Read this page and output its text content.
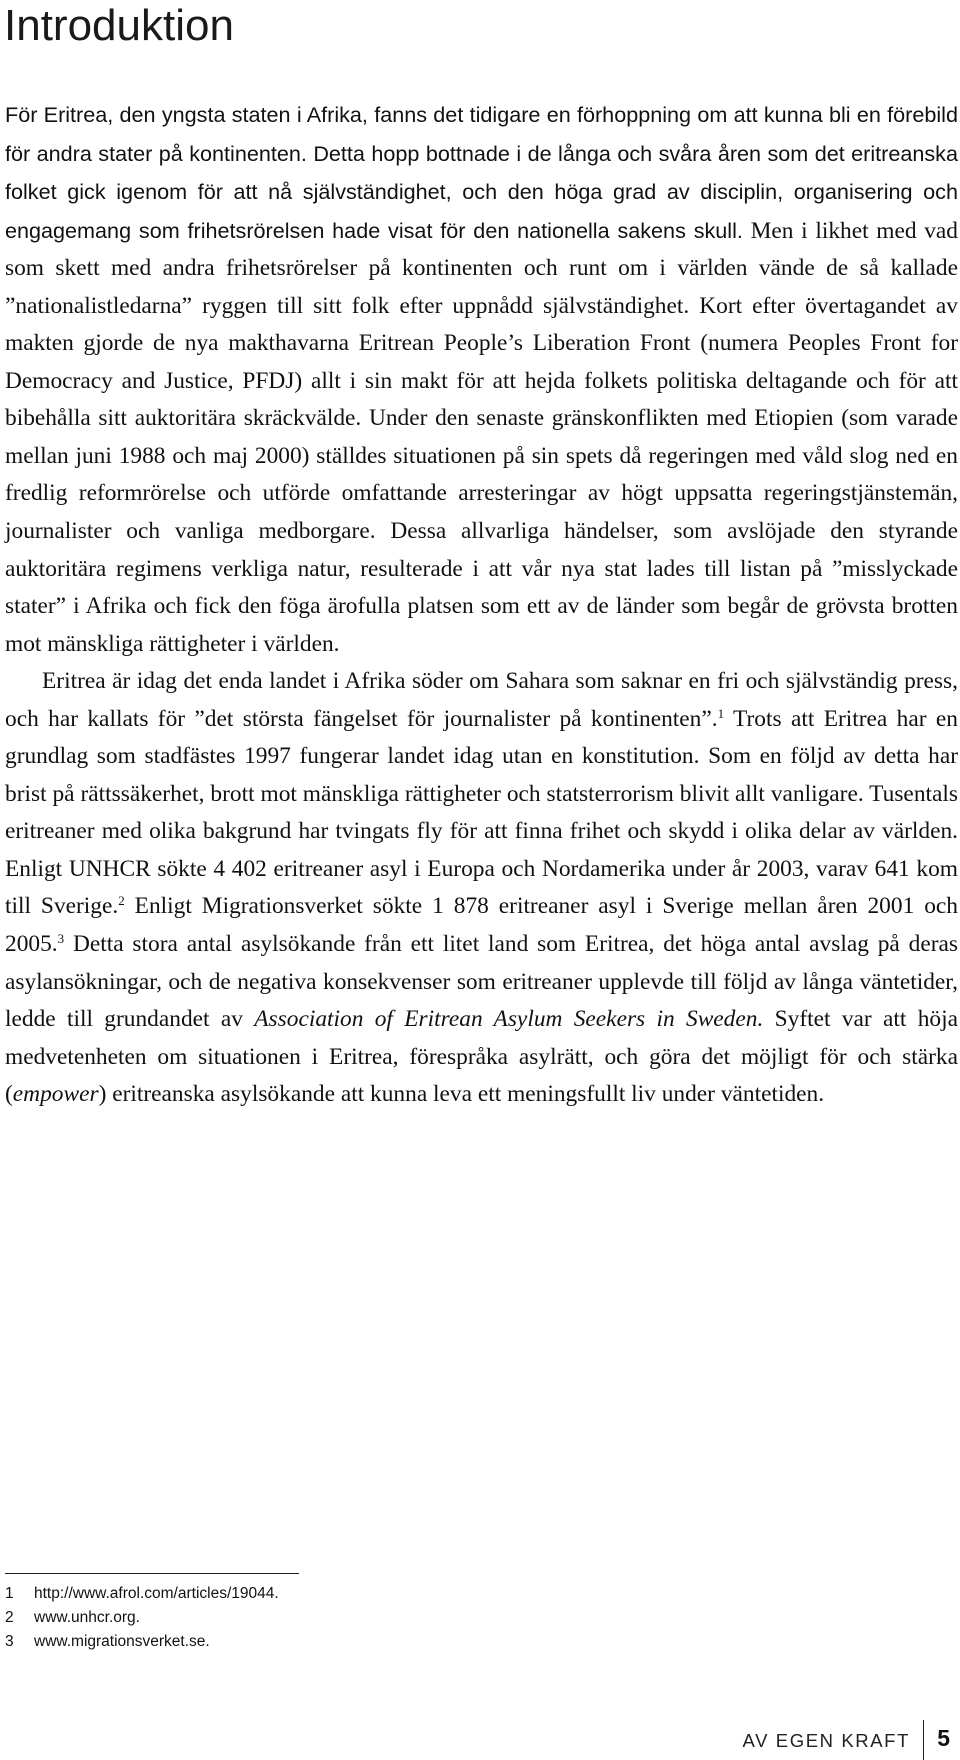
Introduktion

För Eritrea, den yngsta staten i Afrika, fanns det tidigare en förhoppning om att kunna bli en förebild för andra stater på kontinenten. Detta hopp bottnade i de långa och svåra åren som det eritreanska folket gick igenom för att nå självständighet, och den höga grad av disciplin, organisering och engagemang som frihetsrörelsen hade visat för den nationella sakens skull. Men i likhet med vad som skett med andra frihetsrörelser på kontinenten och runt om i världen vände de så kallade ”nationalistledarna” ryggen till sitt folk efter uppnådd självständighet. Kort efter övertagandet av makten gjorde de nya makthavarna Eritrean People’s Liberation Front (numera Peoples Front for Democracy and Justice, PFDJ) allt i sin makt för att hejda folkets politiska deltagande och för att bibehålla sitt auktoritära skräckvälde. Under den senaste gränskonflikten med Etiopien (som varade mellan juni 1988 och maj 2000) ställdes situationen på sin spets då regeringen med våld slog ned en fredlig reformrörelse och utförde omfattande arresteringar av högt uppsatta regeringstjänstemän, journalister och vanliga medborgare. Dessa allvarliga händelser, som avslöjade den styrande auktoritära regimens verkliga natur, resulterade i att vår nya stat lades till listan på ”misslyckade stater” i Afrika och fick den föga ärofulla platsen som ett av de länder som begår de grövsta brotten mot mänskliga rättigheter i världen.

Eritrea är idag det enda landet i Afrika söder om Sahara som saknar en fri och självständig press, och har kallats för ”det största fängelset för journalister på kontinenten”.$^1$ Trots att Eritrea har en grundlag som stadfästes 1997 fungerar landet idag utan en konstitution. Som en följd av detta har brist på rättssäkerhet, brott mot mänskliga rättigheter och statsterrorism blivit allt vanligare. Tusentals eritreaner med olika bakgrund har tvingats fly för att finna frihet och skydd i olika delar av världen. Enligt UNHCR sökte 4 402 eritreaner asyl i Europa och Nordamerika under år 2003, varav 641 kom till Sverige.$^2$ Enligt Migrationsverket sökte 1 878 eritreaner asyl i Sverige mellan åren 2001 och 2005.$^3$ Detta stora antal asylsökande från ett litet land som Eritrea, det höga antal avslag på deras asylansökningar, och de negativa konsekvenser som eritreaner upplevde till följd av långa väntetider, ledde till grundandet av Association of Eritrean Asylum Seekers in Sweden. Syftet var att höja medvetenheten om situationen i Eritrea, förespråka asylrätt, och göra det möjligt för och stärka (empower) eritreanska asylsökande att kunna leva ett meningsfullt liv under väntetiden.

1	http://www.afrol.com/articles/19044.
2	www.unhcr.org.
3	www.migrationsverket.se.
AV EGEN KRAFT 5
